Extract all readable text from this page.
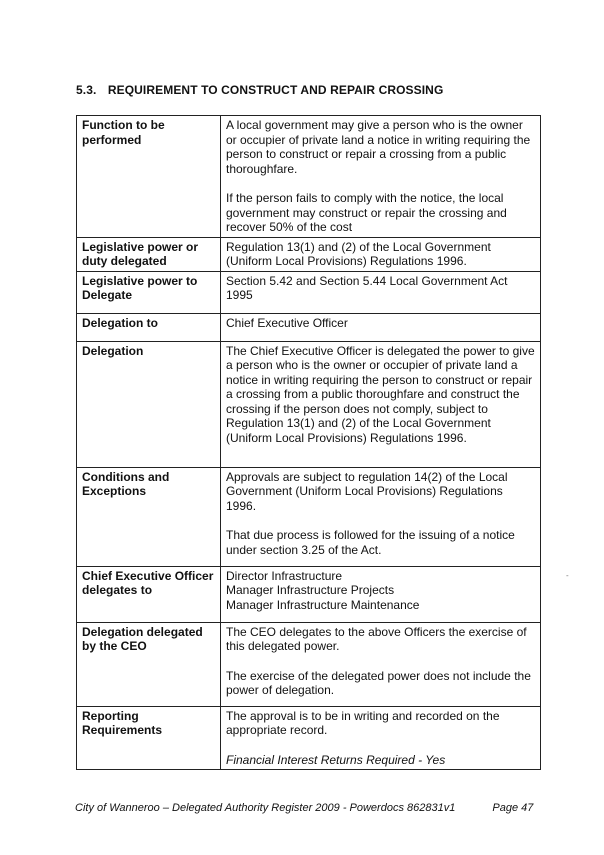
5.3. REQUIREMENT TO CONSTRUCT AND REPAIR CROSSING
Function to be performed	A local government may give a person who is the owner or occupier of private land a notice in writing requiring the person to construct or repair a crossing from a public thoroughfare.

If the person fails to comply with the notice, the local government may construct or repair the crossing and recover 50% of the cost

Legislative power or duty delegated	Regulation 13(1) and (2) of the Local Government (Uniform Local Provisions) Regulations 1996.

Legislative power to Delegate	Section 5.42 and Section 5.44 Local Government Act 1995

Delegation to	Chief Executive Officer

Delegation	The Chief Executive Officer is delegated the power to give a person who is the owner or occupier of private land a notice in writing requiring the person to construct or repair a crossing from a public thoroughfare and construct the crossing if the person does not comply, subject to Regulation 13(1) and (2) of the Local Government (Uniform Local Provisions) Regulations 1996.

Conditions and Exceptions	Approvals are subject to regulation 14(2) of the Local Government (Uniform Local Provisions) Regulations 1996.

That due process is followed for the issuing of a notice under section 3.25 of the Act.

Chief Executive Officer delegates to	Director Infrastructure
Manager Infrastructure Projects
Manager Infrastructure Maintenance

Delegation delegated by the CEO	The CEO delegates to the above Officers the exercise of this delegated power.

The exercise of the delegated power does not include the power of delegation.

Reporting Requirements	The approval is to be in writing and recorded on the appropriate record.

Financial Interest Returns Required - Yes

-
City of Wanneroo – Delegated Authority Register 2009 - Powerdocs 862831v1	Page 47
